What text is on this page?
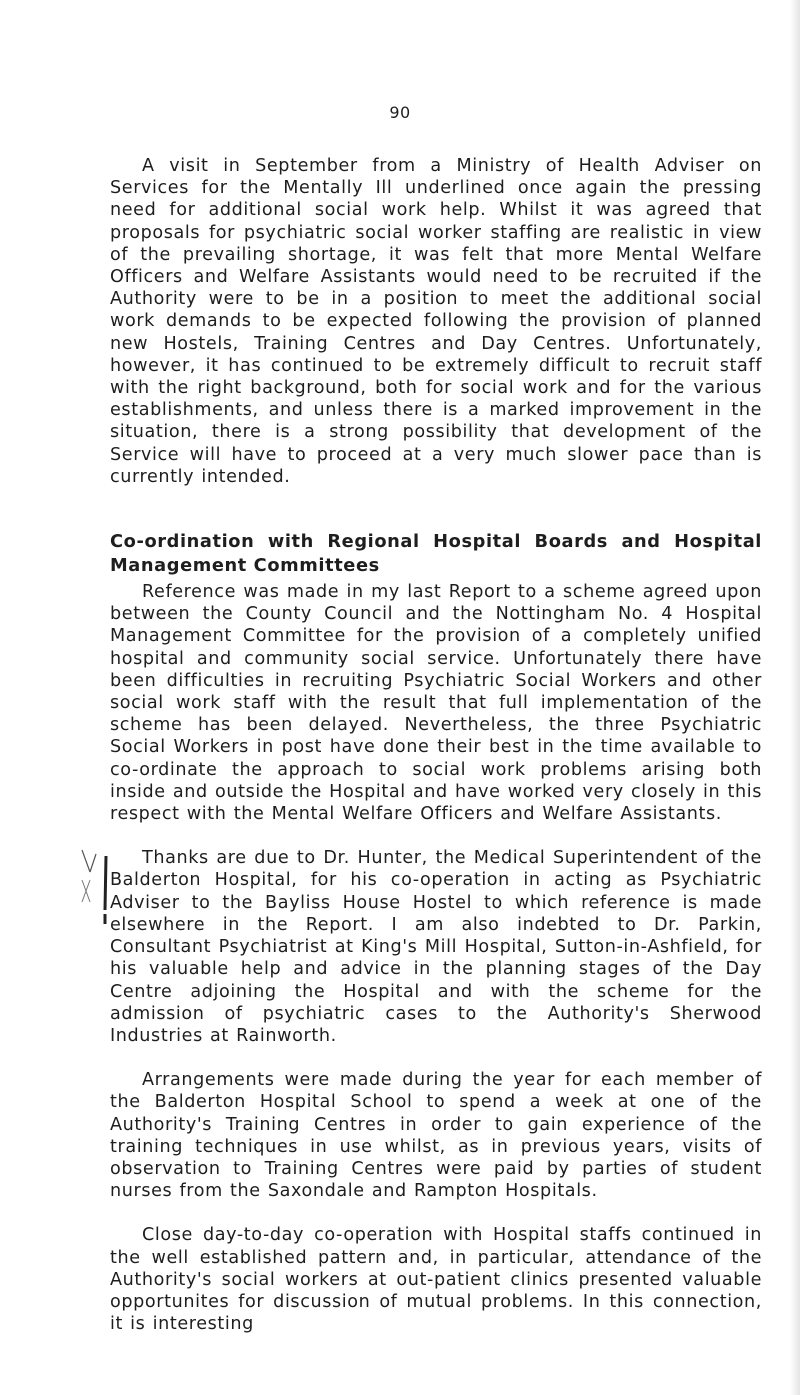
90

A visit in September from a Ministry of Health Adviser on Services for the Mentally Ill underlined once again the pressing need for additional social work help. Whilst it was agreed that proposals for psychiatric social worker staffing are realistic in view of the prevailing shortage, it was felt that more Mental Welfare Officers and Welfare Assistants would need to be recruited if the Authority were to be in a position to meet the additional social work demands to be expected following the provision of planned new Hostels, Training Centres and Day Centres. Unfortunately, however, it has continued to be extremely difficult to recruit staff with the right background, both for social work and for the various establishments, and unless there is a marked improvement in the situation, there is a strong possibility that development of the Service will have to proceed at a very much slower pace than is currently intended.

Co-ordination with Regional Hospital Boards and Hospital Management Committees

Reference was made in my last Report to a scheme agreed upon between the County Council and the Nottingham No. 4 Hospital Management Committee for the provision of a completely unified hospital and community social service. Unfortunately there have been difficulties in recruiting Psychiatric Social Workers and other social work staff with the result that full implementation of the scheme has been delayed. Nevertheless, the three Psychiatric Social Workers in post have done their best in the time available to co-ordinate the approach to social work problems arising both inside and outside the Hospital and have worked very closely in this respect with the Mental Welfare Officers and Welfare Assistants.

Thanks are due to Dr. Hunter, the Medical Superintendent of the Balderton Hospital, for his co-operation in acting as Psychiatric Adviser to the Bayliss House Hostel to which reference is made elsewhere in the Report. I am also indebted to Dr. Parkin, Consultant Psychiatrist at King's Mill Hospital, Sutton-in-Ashfield, for his valuable help and advice in the planning stages of the Day Centre adjoining the Hospital and with the scheme for the admission of psychiatric cases to the Authority's Sherwood Industries at Rainworth.

Arrangements were made during the year for each member of the Balderton Hospital School to spend a week at one of the Authority's Training Centres in order to gain experience of the training techniques in use whilst, as in previous years, visits of observation to Training Centres were paid by parties of student nurses from the Saxondale and Rampton Hospitals.

Close day-to-day co-operation with Hospital staffs continued in the well established pattern and, in particular, attendance of the Authority's social workers at out-patient clinics presented valuable opportunites for discussion of mutual problems. In this connection, it is interesting
